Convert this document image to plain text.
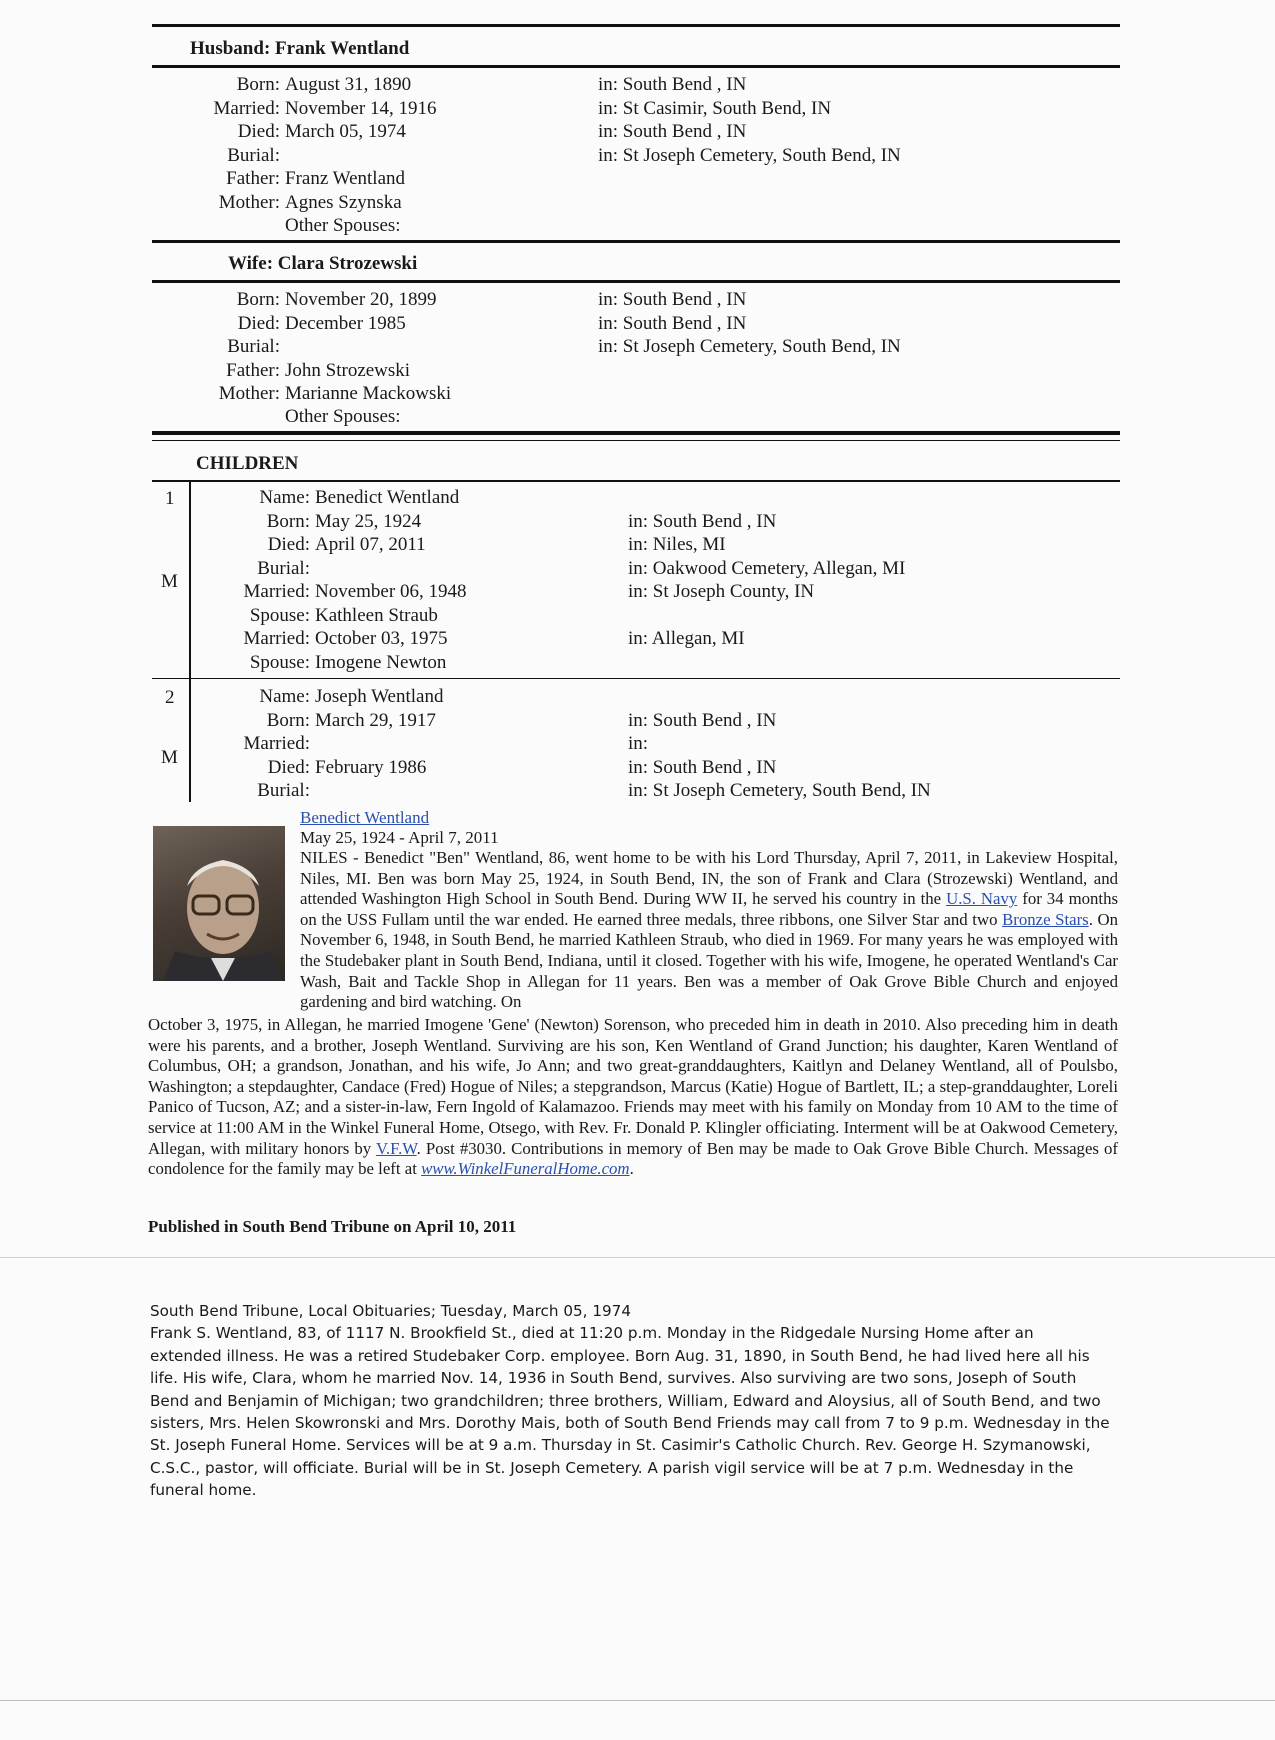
Husband: Frank Wentland
Born: August 31, 1890	in: South Bend , IN
Married: November 14, 1916	in: St Casimir, South Bend, IN
Died: March 05, 1974	in: South Bend , IN
Burial:	in: St Joseph Cemetery, South Bend, IN
Father: Franz Wentland
Mother: Agnes Szynska
Other Spouses:
Wife: Clara Strozewski
Born: November 20, 1899	in: South Bend , IN
Died: December 1985	in: South Bend , IN
Burial:	in: St Joseph Cemetery, South Bend, IN
Father: John Strozewski
Mother: Marianne Mackowski
Other Spouses:
CHILDREN
1
M
Name: Benedict Wentland
Born: May 25, 1924	in: South Bend , IN
Died: April 07, 2011	in: Niles, MI
Burial:	in: Oakwood Cemetery, Allegan, MI
Married: November 06, 1948	in: St Joseph County, IN
Spouse: Kathleen Straub
Married: October 03, 1975	in: Allegan, MI
Spouse: Imogene Newton
2
M
Name: Joseph Wentland
Born: March 29, 1917	in: South Bend , IN
Married:	in:
Died: February 1986	in: South Bend , IN
Burial:	in: St Joseph Cemetery, South Bend, IN
Benedict Wentland
May 25, 1924 - April 7, 2011
NILES - Benedict "Ben" Wentland, 86, went home to be with his Lord Thursday, April 7, 2011, in Lakeview Hospital, Niles, MI. Ben was born May 25, 1924, in South Bend, IN, the son of Frank and Clara (Strozewski) Wentland, and attended Washington High School in South Bend. During WW II, he served his country in the U.S. Navy for 34 months on the USS Fullam until the war ended. He earned three medals, three ribbons, one Silver Star and two Bronze Stars. On November 6, 1948, in South Bend, he married Kathleen Straub, who died in 1969. For many years he was employed with the Studebaker plant in South Bend, Indiana, until it closed. Together with his wife, Imogene, he operated Wentland's Car Wash, Bait and Tackle Shop in Allegan for 11 years. Ben was a member of Oak Grove Bible Church and enjoyed gardening and bird watching. On
October 3, 1975, in Allegan, he married Imogene 'Gene' (Newton) Sorenson, who preceded him in death in 2010. Also preceding him in death were his parents, and a brother, Joseph Wentland. Surviving are his son, Ken Wentland of Grand Junction; his daughter, Karen Wentland of Columbus, OH; a grandson, Jonathan, and his wife, Jo Ann; and two great-granddaughters, Kaitlyn and Delaney Wentland, all of Poulsbo, Washington; a stepdaughter, Candace (Fred) Hogue of Niles; a stepgrandson, Marcus (Katie) Hogue of Bartlett, IL; a step-granddaughter, Loreli Panico of Tucson, AZ; and a sister-in-law, Fern Ingold of Kalamazoo. Friends may meet with his family on Monday from 10 AM to the time of service at 11:00 AM in the Winkel Funeral Home, Otsego, with Rev. Fr. Donald P. Klingler officiating. Interment will be at Oakwood Cemetery, Allegan, with military honors by V.F.W. Post #3030. Contributions in memory of Ben may be made to Oak Grove Bible Church. Messages of condolence for the family may be left at www.WinkelFuneralHome.com.
Published in South Bend Tribune on April 10, 2011
South Bend Tribune, Local Obituaries; Tuesday, March 05, 1974
Frank S. Wentland, 83, of 1117 N. Brookfield St., died at 11:20 p.m. Monday in the Ridgedale Nursing Home after an extended illness. He was a retired Studebaker Corp. employee. Born Aug. 31, 1890, in South Bend, he had lived here all his life. His wife, Clara, whom he married Nov. 14, 1936 in South Bend, survives. Also surviving are two sons, Joseph of South Bend and Benjamin of Michigan; two grandchildren; three brothers, William, Edward and Aloysius, all of South Bend, and two sisters, Mrs. Helen Skowronski and Mrs. Dorothy Mais, both of South Bend Friends may call from 7 to 9 p.m. Wednesday in the St. Joseph Funeral Home. Services will be at 9 a.m. Thursday in St. Casimir's Catholic Church. Rev. George H. Szymanowski, C.S.C., pastor, will officiate. Burial will be in St. Joseph Cemetery. A parish vigil service will be at 7 p.m. Wednesday in the funeral home.
